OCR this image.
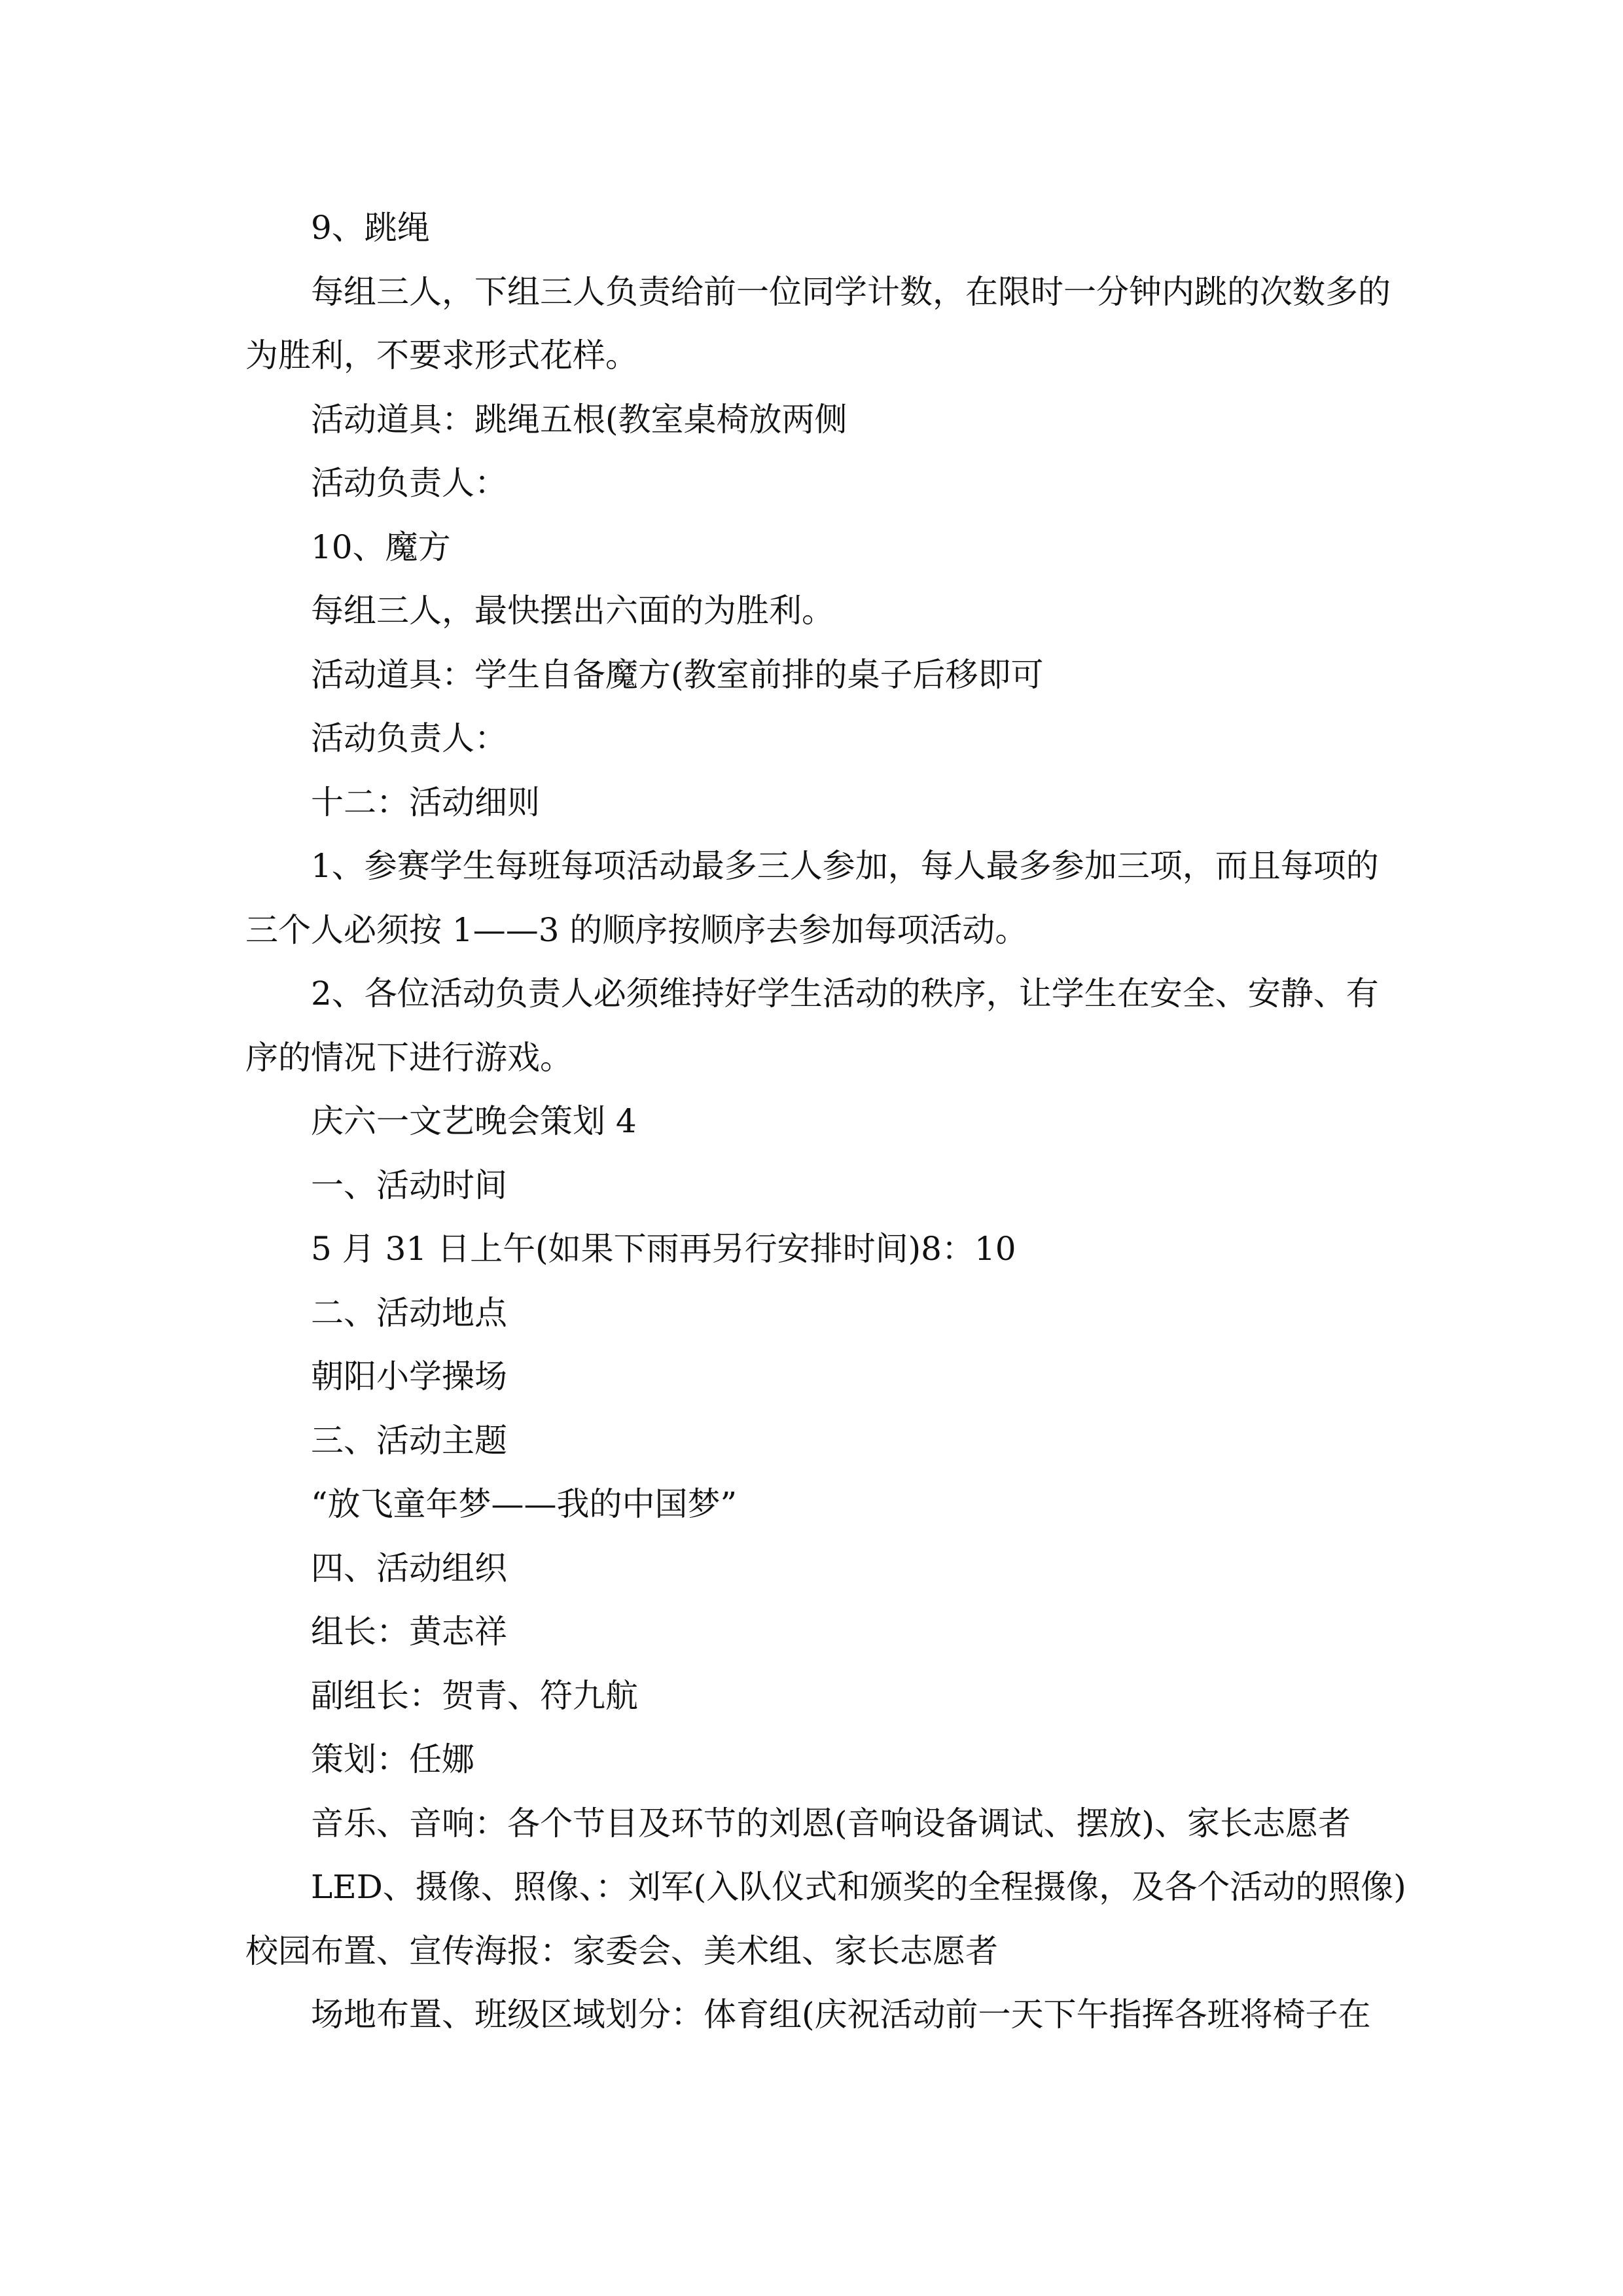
9、跳绳

每组三人，下组三人负责给前一位同学计数，在限时一分钟内跳的次数多的

为胜利，不要求形式花样。

活动道具：跳绳五根(教室桌椅放两侧

活动负责人：

10、魔方

每组三人，最快摆出六面的为胜利。

活动道具：学生自备魔方(教室前排的桌子后移即可

活动负责人：

十二：活动细则

1、参赛学生每班每项活动最多三人参加，每人最多参加三项，而且每项的

三个人必须按 1——3 的顺序按顺序去参加每项活动。

2、各位活动负责人必须维持好学生活动的秩序，让学生在安全、安静、有

序的情况下进行游戏。

庆六一文艺晚会策划 4

一、活动时间

5 月 31 日上午(如果下雨再另行安排时间)8：10

二、活动地点

朝阳小学操场

三、活动主题

“放飞童年梦——我的中国梦”

四、活动组织

组长：黄志祥

副组长：贺青、符九航

策划：任娜

音乐、音响：各个节目及环节的刘恩(音响设备调试、摆放)、家长志愿者

LED、摄像、照像、：刘军(入队仪式和颁奖的全程摄像，及各个活动的照像)

校园布置、宣传海报：家委会、美术组、家长志愿者

场地布置、班级区域划分：体育组(庆祝活动前一天下午指挥各班将椅子在
